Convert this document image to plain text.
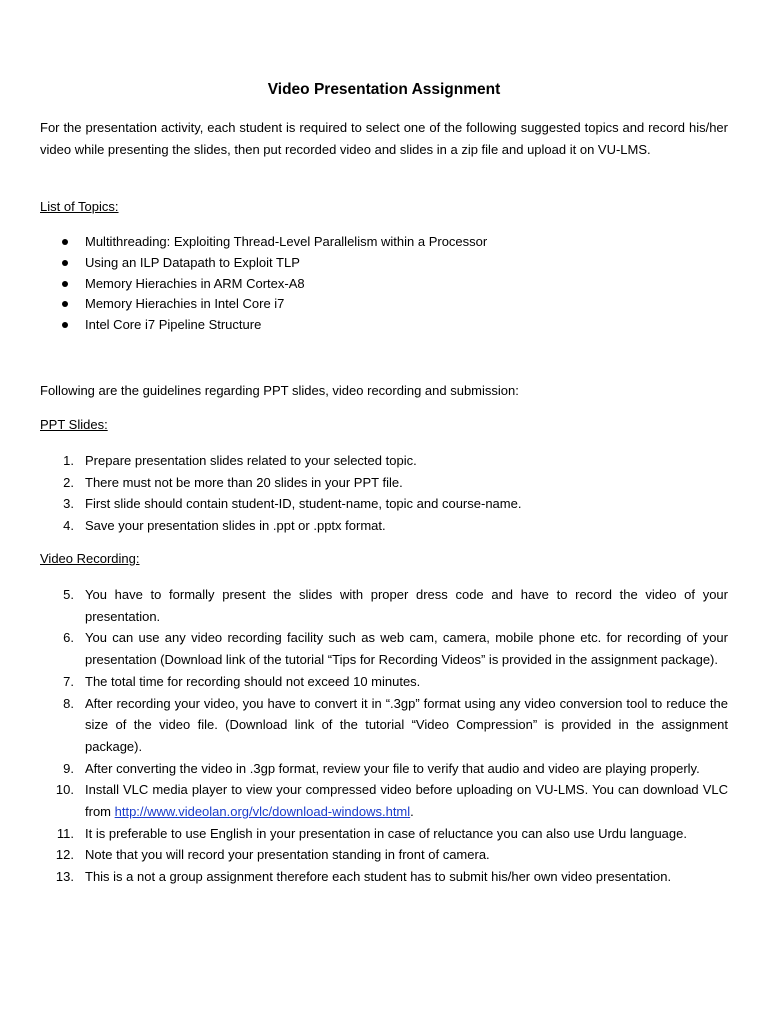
Video Presentation Assignment
For the presentation activity, each student is required to select one of the following suggested topics and record his/her video while presenting the slides, then put recorded video and slides in a zip file and upload it on VU-LMS.
List of Topics:
Multithreading: Exploiting Thread-Level Parallelism within a Processor
Using an ILP Datapath to Exploit TLP
Memory Hierachies in ARM Cortex-A8
Memory Hierachies in Intel Core i7
Intel Core i7 Pipeline Structure
Following are the guidelines regarding PPT slides, video recording and submission:
PPT Slides:
1. Prepare presentation slides related to your selected topic.
2. There must not be more than 20 slides in your PPT file.
3. First slide should contain student-ID, student-name, topic and course-name.
4. Save your presentation slides in .ppt or .pptx format.
Video Recording:
5. You have to formally present the slides with proper dress code and have to record the video of your presentation.
6. You can use any video recording facility such as web cam, camera, mobile phone etc. for recording of your presentation (Download link of the tutorial “Tips for Recording Videos” is provided in the assignment package).
7. The total time for recording should not exceed 10 minutes.
8. After recording your video, you have to convert it in “.3gp” format using any video conversion tool to reduce the size of the video file. (Download link of the tutorial “Video Compression” is provided in the assignment package).
9. After converting the video in .3gp format, review your file to verify that audio and video are playing properly.
10. Install VLC media player to view your compressed video before uploading on VU-LMS. You can download VLC from http://www.videolan.org/vlc/download-windows.html.
11. It is preferable to use English in your presentation in case of reluctance you can also use Urdu language.
12. Note that you will record your presentation standing in front of camera.
13. This is a not a group assignment therefore each student has to submit his/her own video presentation.
